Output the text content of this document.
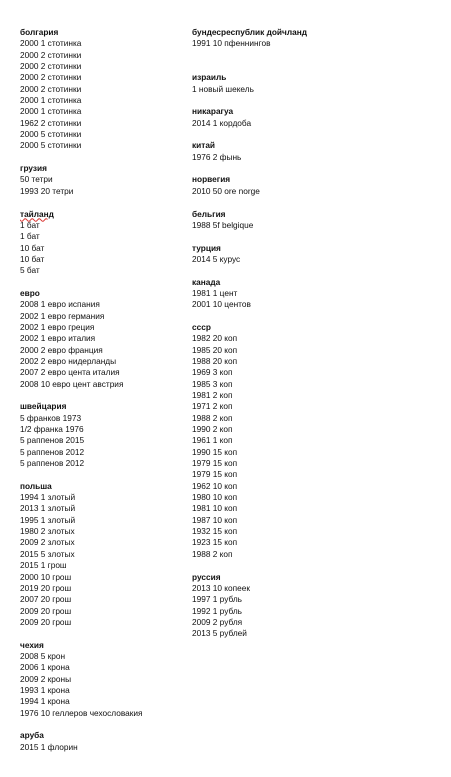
болгария
2000 1 стотинка
2000 2 стотинки
2000 2 стотинки
2000 2 стотинки
2000 2 стотинки
2000 1 стотинка
2000 1 стотинка
1962 2 стотинки
2000 5 стотинки
2000 5 стотинки
грузия
50 тетри
1993 20 тетри
тайланд
1 бат
1 бат
10 бат
10 бат
5 бат
евро
2008 1 евро испания
2002 1 евро германия
2002 1 евро греция
2002 1 евро италия
2000 2 евро франция
2002 2 евро нидерланды
2007 2 евро цента италия
2008 10 евро цент австрия
швейцария
5 франков 1973
1/2 франка 1976
5 раппенов 2015
5 раппенов 2012
5 раппенов 2012
польша
1994 1 злотый
2013 1 злотый
1995 1 злотый
1980 2 злотых
2009 2 злотых
2015 5 злотых
2015 1 грош
2000 10 грош
2019 20 грош
2007 20 грош
2009 20 грош
2009 20 грош
чехия
2008 5 крон
2006 1 крона
2009 2 кроны
1993 1 крона
1994 1 крона
1976 10 геллеров чехословакия
аруба
2015 1 флорин
бундесреспублик дойчланд
1991 10 пфеннингов
израиль
1 новый шекель
никарагуа
2014 1 кордоба
китай
1976 2 фынь
норвегия
2010 50 ore norge
бельгия
1988 5f belgique
турция
2014 5 курус
канада
1981 1 цент
2001 10 центов
ссср
1982 20 коп
1985 20 коп
1988 20 коп
1969 3 коп
1985 3 коп
1981 2 коп
1971 2 коп
1988 2 коп
1990 2 коп
1961 1 коп
1990 15 коп
1979 15 коп
1979 15 коп
1962 10 коп
1980 10 коп
1981 10 коп
1987 10 коп
1932 15 коп
1923 15 коп
1988 2 коп
руссия
2013 10 копеек
1997 1 рубль
1992 1 рубль
2009 2 рубля
2013 5 рублей
